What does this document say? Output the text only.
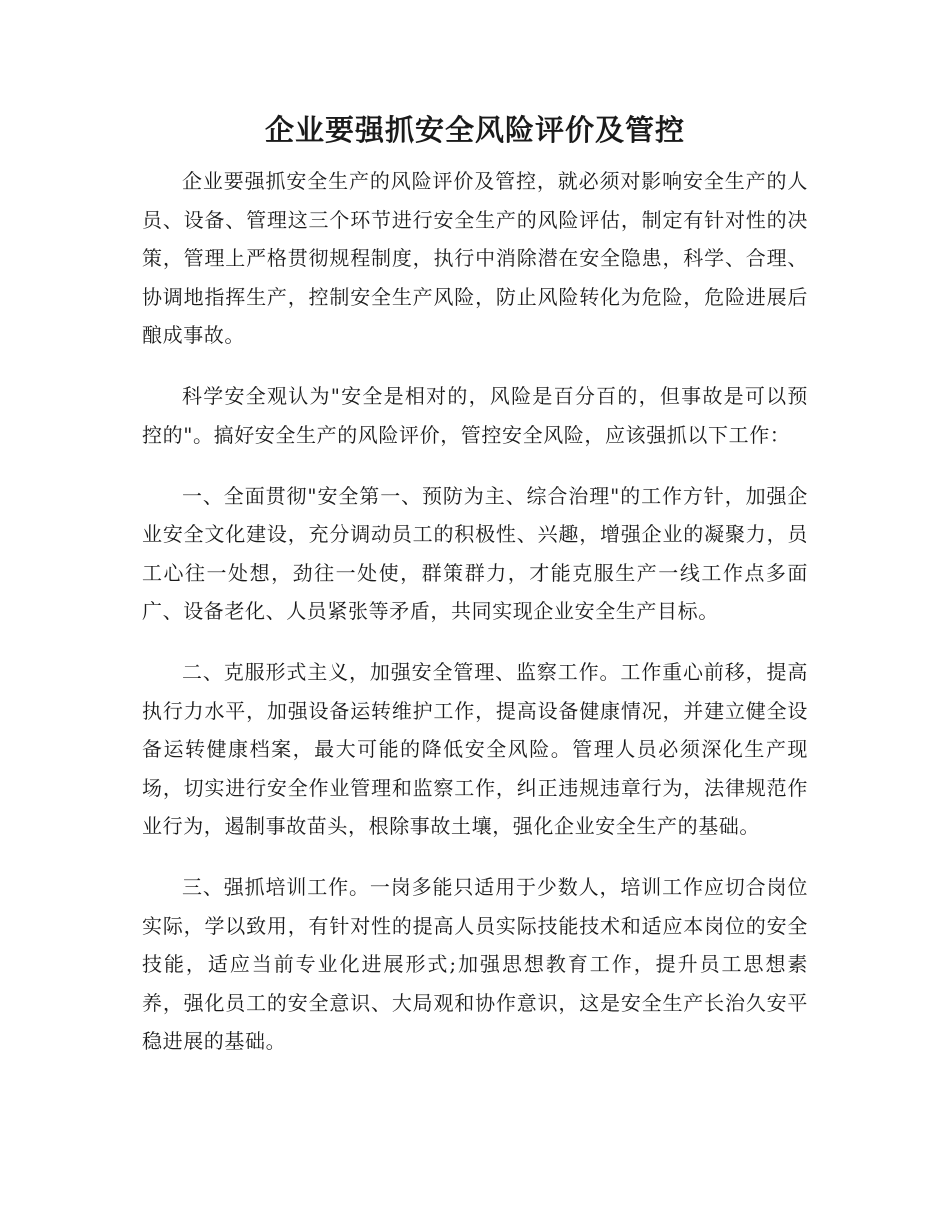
企业要强抓安全风险评价及管控

企业要强抓安全生产的风险评价及管控，就必须对影响安全生产的人员、设备、管理这三个环节进行安全生产的风险评估，制定有针对性的决策，管理上严格贯彻规程制度，执行中消除潜在安全隐患，科学、合理、协调地指挥生产，控制安全生产风险，防止风险转化为危险，危险进展后酿成事故。

科学安全观认为"安全是相对的，风险是百分百的，但事故是可以预控的"。搞好安全生产的风险评价，管控安全风险，应该强抓以下工作：

一、全面贯彻"安全第一、预防为主、综合治理"的工作方针，加强企业安全文化建设，充分调动员工的积极性、兴趣，增强企业的凝聚力，员工心往一处想，劲往一处使，群策群力，才能克服生产一线工作点多面广、设备老化、人员紧张等矛盾，共同实现企业安全生产目标。

二、克服形式主义，加强安全管理、监察工作。工作重心前移，提高执行力水平，加强设备运转维护工作，提高设备健康情况，并建立健全设备运转健康档案，最大可能的降低安全风险。管理人员必须深化生产现场，切实进行安全作业管理和监察工作，纠正违规违章行为，法律规范作业行为，遏制事故苗头，根除事故土壤，强化企业安全生产的基础。

三、强抓培训工作。一岗多能只适用于少数人，培训工作应切合岗位实际，学以致用，有针对性的提高人员实际技能技术和适应本岗位的安全技能，适应当前专业化进展形式;加强思想教育工作，提升员工思想素养，强化员工的安全意识、大局观和协作意识，这是安全生产长治久安平稳进展的基础。
